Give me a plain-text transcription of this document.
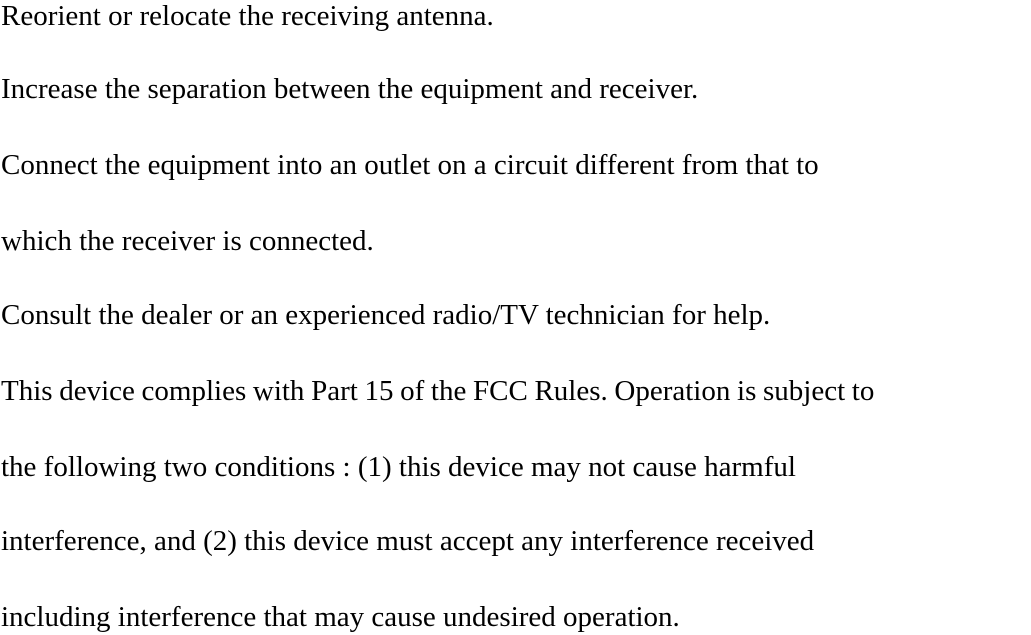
Reorient or relocate the receiving antenna.
Increase the separation between the equipment and receiver.
Connect the equipment into an outlet on a circuit different from that to
which the receiver is connected.
Consult the dealer or an experienced radio/TV technician for help.
This device complies with Part 15 of the FCC Rules. Operation is subject to
the following two conditions : (1) this device may not cause harmful
interference, and (2) this device must accept any interference received
including interference that may cause undesired operation.
